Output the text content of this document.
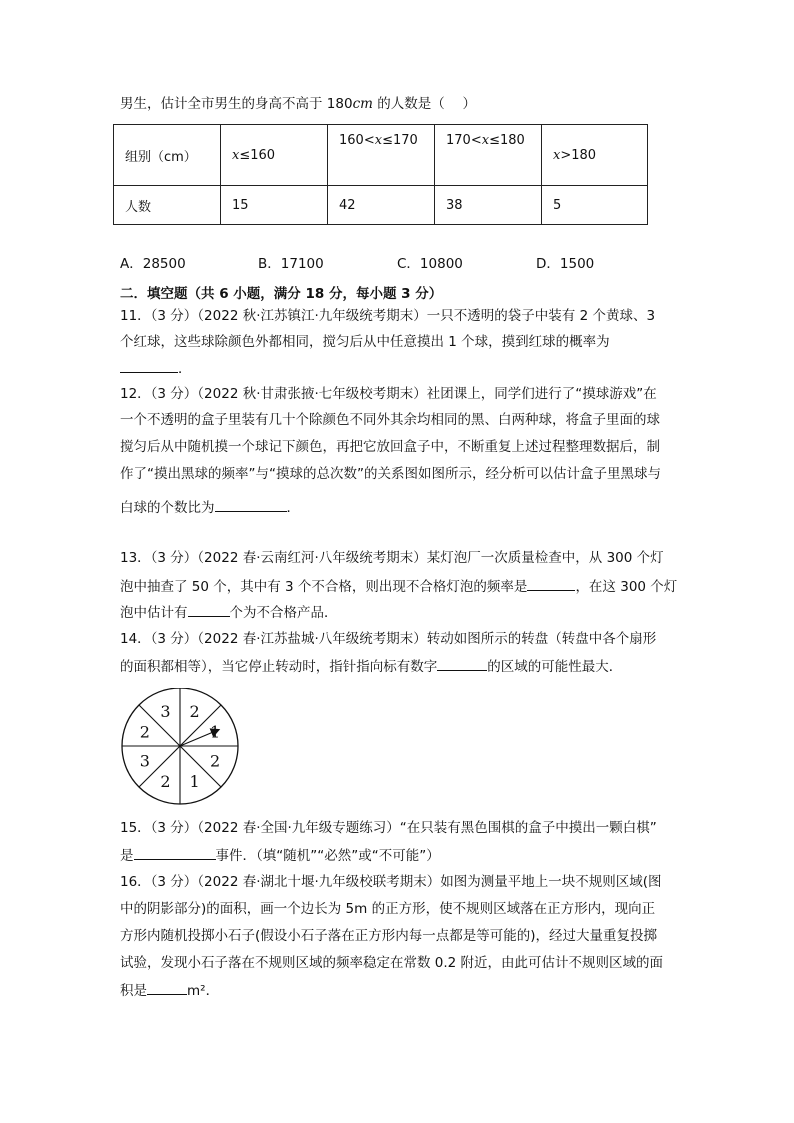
男生，估计全市男生的身高不高于 180cm 的人数是（　 ）
组别（cm）	x≤160	160<x≤170	170<x≤180	x>180
人数	15	42	38	5
A．28500	B．17100	C．10800	D．1500
二．填空题（共 6 小题，满分 18 分，每小题 3 分）
11．（3 分）（2022 秋·江苏镇江·九年级统考期末）一只不透明的袋子中装有 2 个黄球、3
个红球，这些球除颜色外都相同，搅匀后从中任意摸出 1 个球，摸到红球的概率为
．
12．（3 分）（2022 秋·甘肃张掖·七年级校考期末）社团课上，同学们进行了“摸球游戏”在
一个不透明的盒子里装有几十个除颜色不同外其余均相同的黑、白两种球，将盒子里面的球
搅匀后从中随机摸一个球记下颜色，再把它放回盒子中，不断重复上述过程整理数据后，制
作了“摸出黑球的频率”与“摸球的总次数”的关系图如图所示，经分析可以估计盒子里黑球与
白球的个数比为	．
13．（3 分）（2022 春·云南红河·八年级统考期末）某灯泡厂一次质量检查中，从 300 个灯
泡中抽查了 50 个，其中有 3 个不合格，则出现不合格灯泡的频率是	，在这 300 个灯
泡中估计有	个为不合格产品．
14．（3 分）（2022 春·江苏盐城·八年级统考期末）转动如图所示的转盘（转盘中各个扇形
的面积都相等），当它停止转动时，指针指向标有数字	的区域的可能性最大．
2
1
2
1
2
3
2
3
15．（3 分）（2022 春·全国·九年级专题练习）“在只装有黑色围棋的盒子中摸出一颗白棋”
是	事件．（填“随机”“必然”或“不可能”）
16．（3 分）（2022 春·湖北十堰·九年级校联考期末）如图为测量平地上一块不规则区域(图
中的阴影部分)的面积，画一个边长为 5m 的正方形，使不规则区域落在正方形内，现向正
方形内随机投掷小石子(假设小石子落在正方形内每一点都是等可能的)，经过大量重复投掷
试验，发现小石子落在不规则区域的频率稳定在常数 0.2 附近，由此可估计不规则区域的面
积是	m²．
